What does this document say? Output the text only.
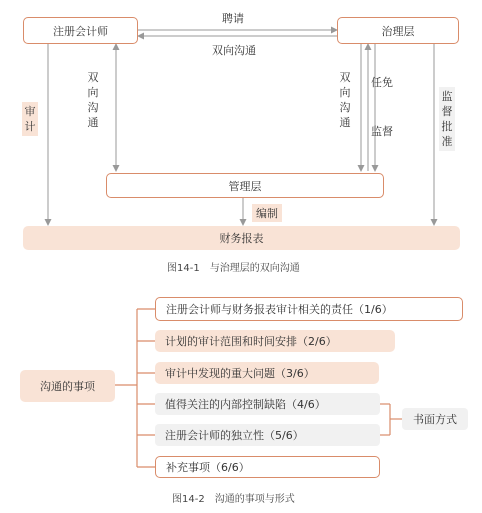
注册会计师	治理层
管理层
财务报表
聘请
双向沟通
双向沟通
双向沟通
审计
任免
监督
监督批准
编制
图14-1　与治理层的双向沟通
沟通的事项
注册会计师与财务报表审计相关的责任（1/6）
计划的审计范围和时间安排（2/6）
审计中发现的重大问题（3/6）
值得关注的内部控制缺陷（4/6）
注册会计师的独立性（5/6）
补充事项（6/6）
书面方式
图14-2　沟通的事项与形式
